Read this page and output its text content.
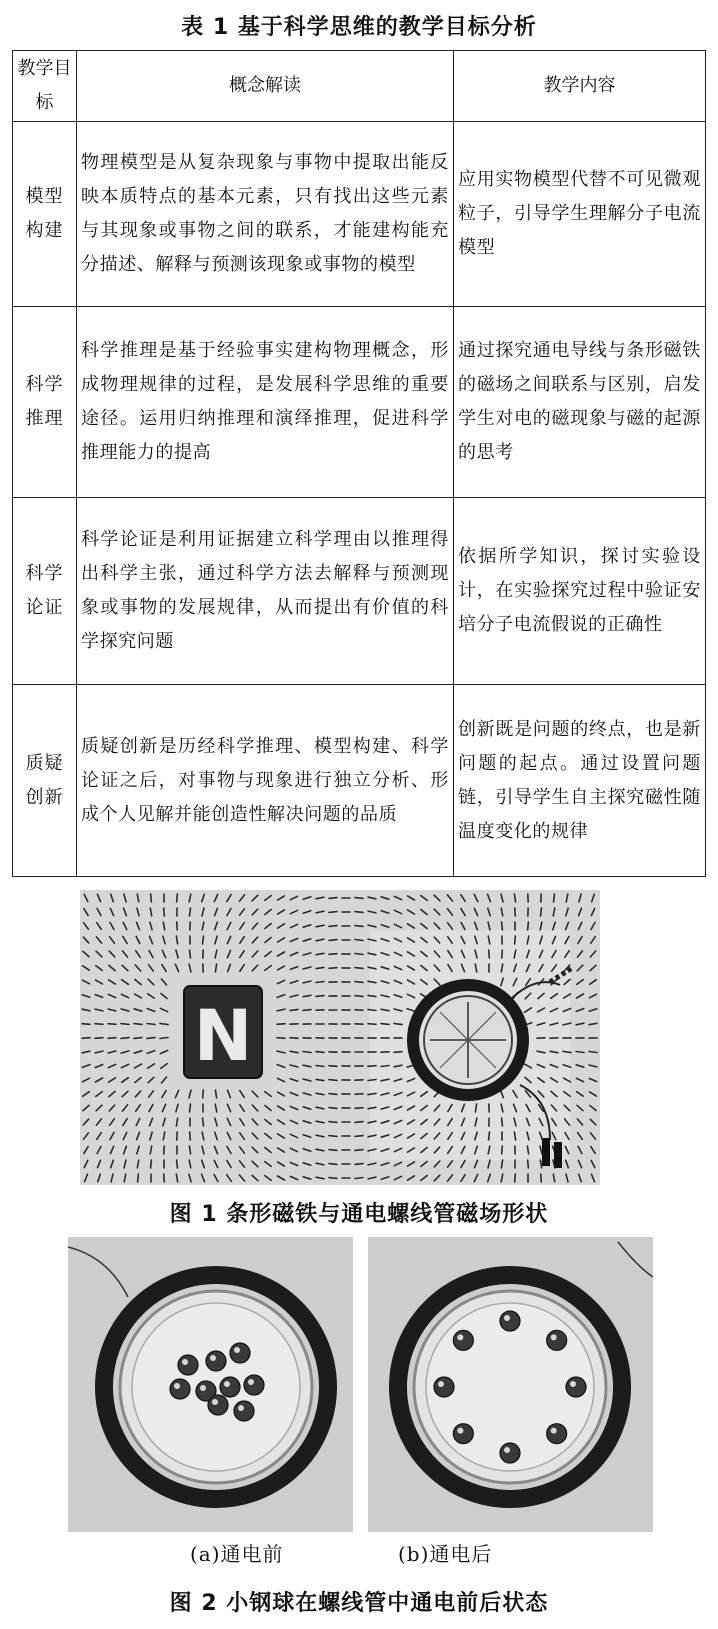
表 1 基于科学思维的教学目标分析
教学目标	概念解读	教学内容
模型构建	物理模型是从复杂现象与事物中提取出能反映本质特点的基本元素，只有找出这些元素与其现象或事物之间的联系，才能建构能充分描述、解释与预测该现象或事物的模型	应用实物模型代替不可见微观粒子，引导学生理解分子电流模型
科学推理	科学推理是基于经验事实建构物理概念，形成物理规律的过程，是发展科学思维的重要途径。运用归纳推理和演绎推理，促进科学推理能力的提高	通过探究通电导线与条形磁铁的磁场之间联系与区别，启发学生对电的磁现象与磁的起源的思考
科学论证	科学论证是利用证据建立科学理由以推理得出科学主张，通过科学方法去解释与预测现象或事物的发展规律，从而提出有价值的科学探究问题	依据所学知识，探讨实验设计，在实验探究过程中验证安培分子电流假说的正确性
质疑创新	质疑创新是历经科学推理、模型构建、科学论证之后，对事物与现象进行独立分析、形成个人见解并能创造性解决问题的品质	创新既是问题的终点，也是新问题的起点。通过设置问题链，引导学生自主探究磁性随温度变化的规律
N
图 1 条形磁铁与通电螺线管磁场形状
(a)通电前	(b)通电后
图 2 小钢球在螺线管中通电前后状态
